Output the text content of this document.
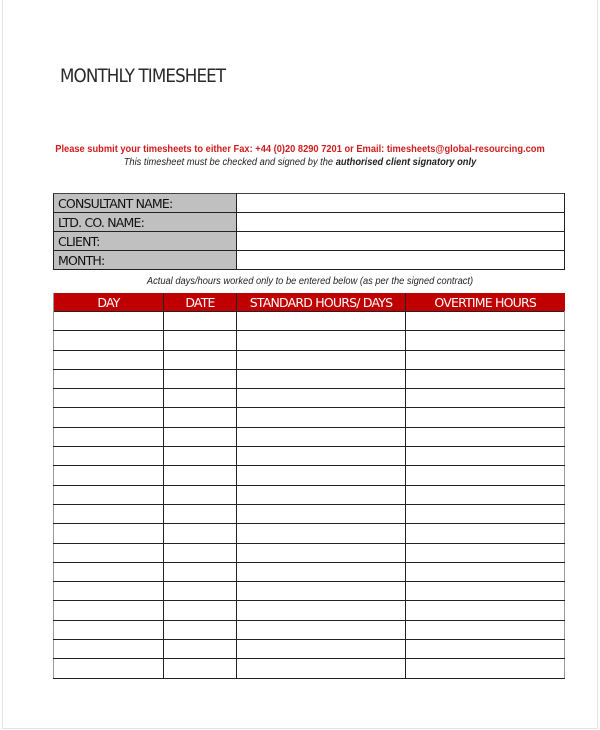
MONTHLY TIMESHEET
Please submit your timesheets to either Fax: +44 (0)20 8290 7201 or Email: timesheets@global-resourcing.com
This timesheet must be checked and signed by the authorised client signatory only
CONSULTANT NAME:	
LTD. CO. NAME:	
CLIENT:	
MONTH:	
Actual days/hours worked only to be entered below (as per the signed contract)
DAY	DATE	STANDARD HOURS/ DAYS	OVERTIME HOURS
